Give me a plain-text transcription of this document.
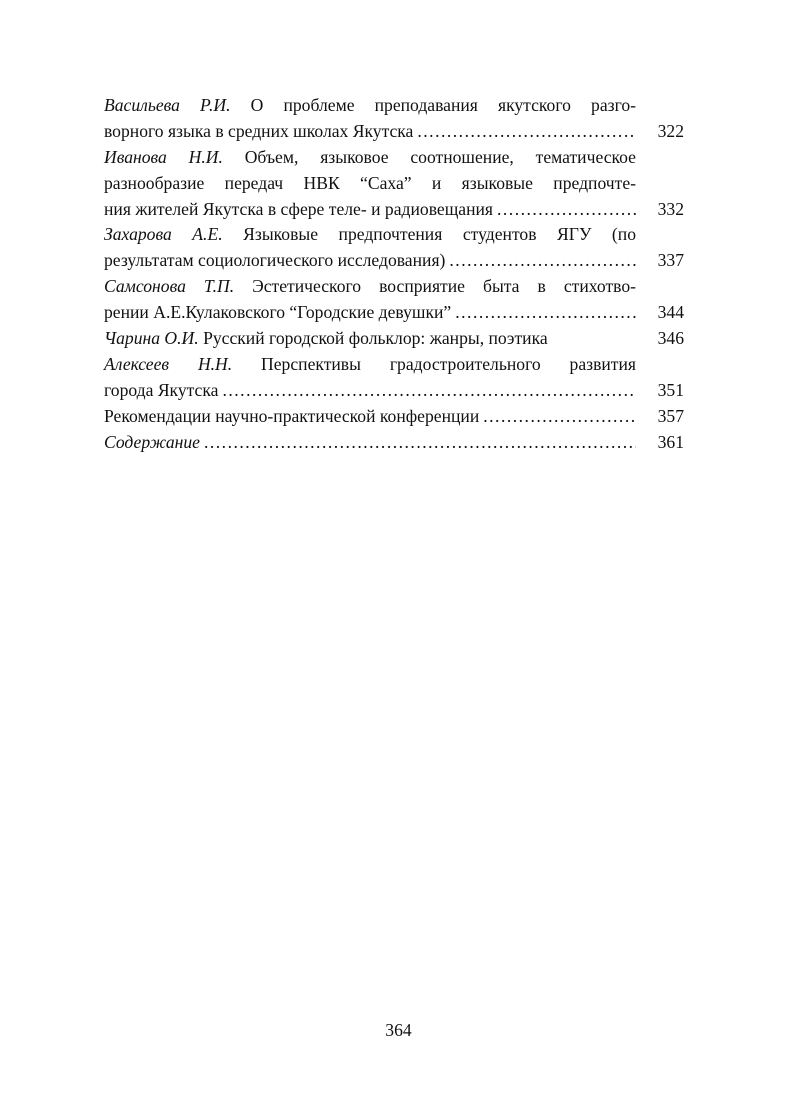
Васильева Р.И. О проблеме преподавания якутского разго-
ворного языка в средних школах Якутска .....	322
Иванова Н.И. Объем, языковое соотношение, тематическое
разнообразие передач НВК “Саха” и языковые предпочте-
ния жителей Якутска в сфере теле- и радиовещания .....	332
Захарова А.Е. Языковые предпочтения студентов ЯГУ (по
результатам социологического исследования) .....	337
Самсонова Т.П. Эстетического восприятие быта в стихотво-
рении А.Е.Кулаковского “Городские девушки” .....	344
Чарина О.И. Русский городской фольклор: жанры, поэтика	346
Алексеев Н.Н. Перспективы градостроительного развития
города Якутска .....	351
Рекомендации научно-практической конференции .....	357
Содержание .....	361
364
